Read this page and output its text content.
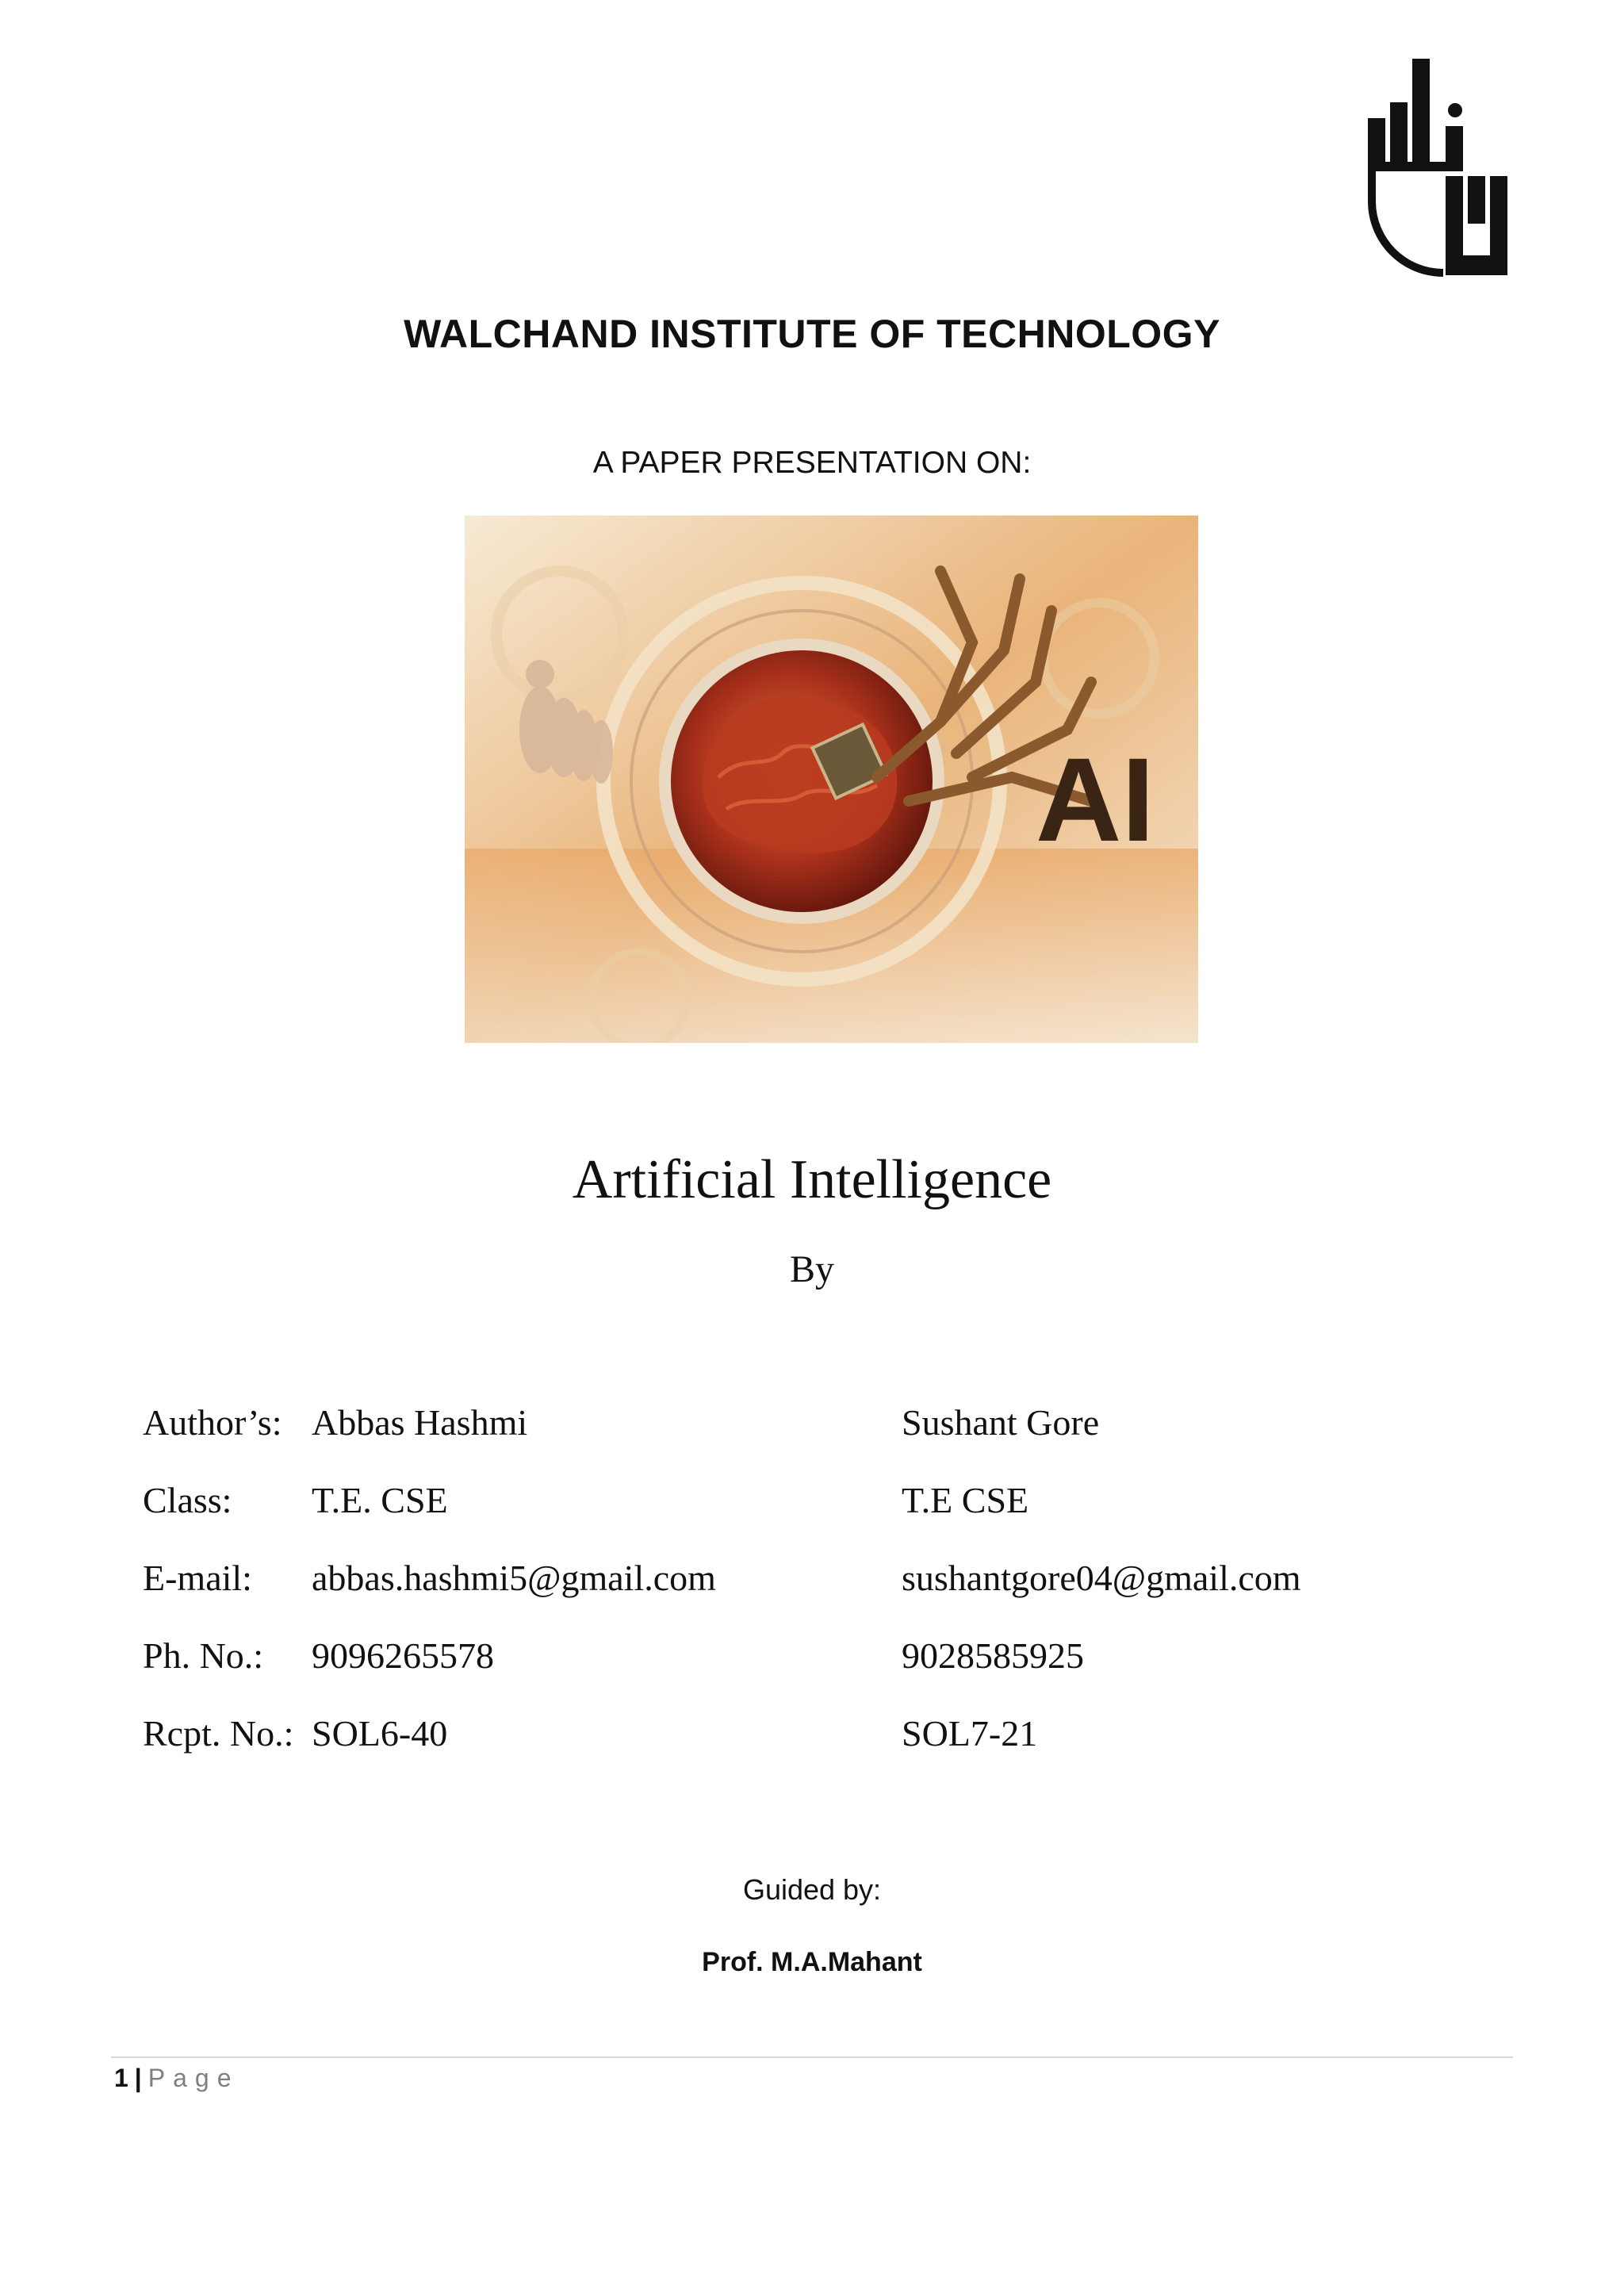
WALCHAND INSTITUTE OF TECHNOLOGY
A PAPER PRESENTATION ON:
AI
Artificial Intelligence
By
Author’s: Abbas Hashmi	Sushant Gore
Class: T.E. CSE	T.E CSE
E-mail: abbas.hashmi5@gmail.com	sushantgore04@gmail.com
Ph. No.: 9096265578	9028585925
Rcpt. No.: SOL6-40	SOL7-21
Guided by:
Prof. M.A.Mahant
1 | Page
